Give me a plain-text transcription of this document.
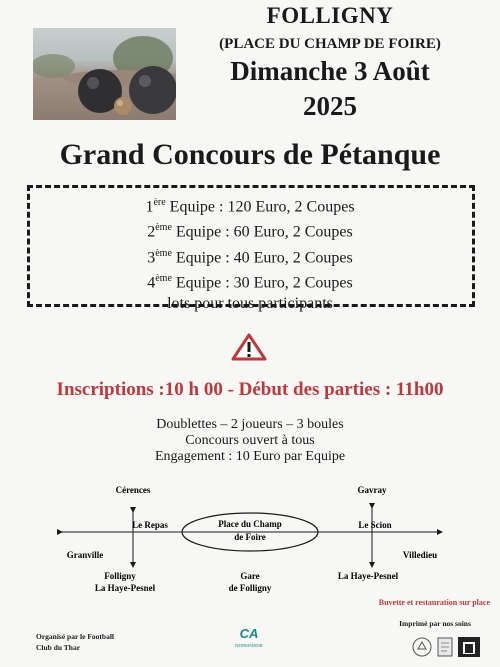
FOLLIGNY
(PLACE DU CHAMP DE FOIRE)
Dimanche 3 Août
2025
Grand Concours de Pétanque
1ère Equipe : 120 Euro, 2 Coupes
2ème Equipe : 60 Euro, 2 Coupes
3ème Equipe : 40 Euro, 2 Coupes
4ème Equipe : 30 Euro, 2 Coupes
lots pour tous participants
Inscriptions :10 h 00 - Début des parties : 11h00
Doublettes – 2 joueurs – 3 boules
Concours ouvert à tous
Engagement : 10 Euro par Equipe
Cérences
Le Repas
Granville
Folligny
La Haye-Pesnel
Place du Champ
de Foire
Gare
de Folligny
Gavray
Le Scion
Villedieu
La Haye-Pesnel
Buvette et restauration sur place
Organisé par le Football
Club du Thar
CA
NORMANDIE
Imprimé par nos soins
